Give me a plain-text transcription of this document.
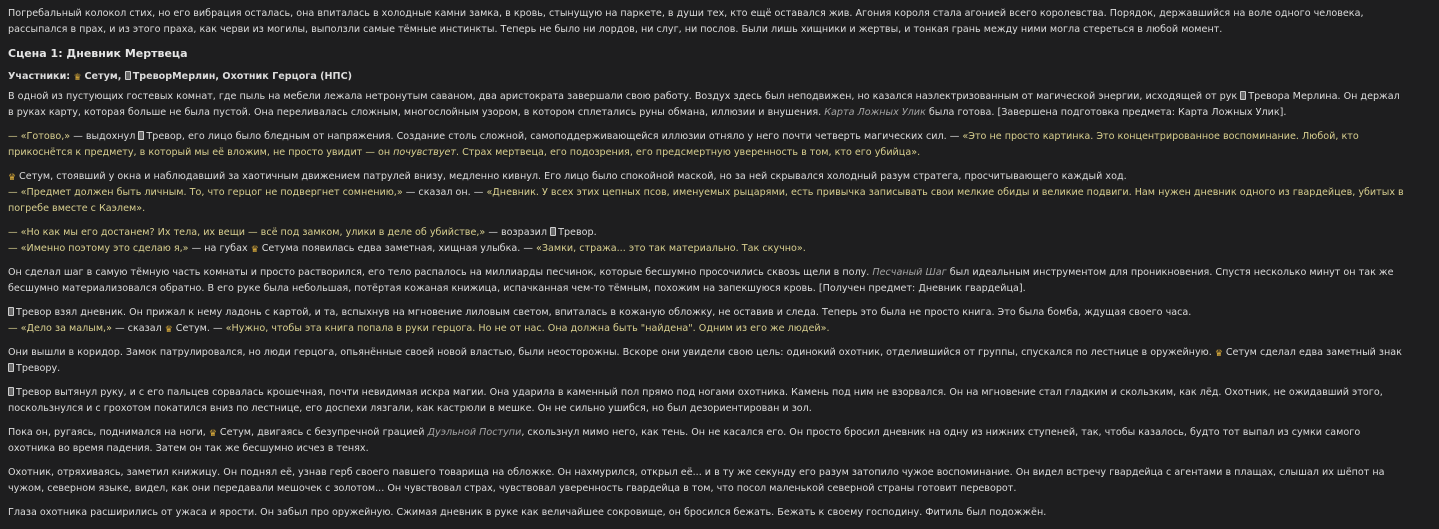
Погребальный колокол стих, но его вибрация осталась, она впиталась в холодные камни замка, в кровь, стынущую на паркете, в души тех, кто ещё оставался жив. Агония короля стала агонией всего королевства. Порядок, державшийся на воле одного человека, рассыпался в прах, и из этого праха, как черви из могилы, выползли самые тёмные инстинкты. Теперь не было ни лордов, ни слуг, ни послов. Были лишь хищники и жертвы, и тонкая грань между ними могла стереться в любой момент.

Сцена 1: Дневник Мертвеца

Участники: ♛ Сетум, ТреворМерлин, Охотник Герцога (НПС)

В одной из пустующих гостевых комнат, где пыль на мебели лежала нетронутым саваном, два аристократа завершали свою работу. Воздух здесь был неподвижен, но казался наэлектризованным от магической энергии, исходящей от рук Тревора Мерлина. Он держал в руках карту, которая больше не была пустой. Она переливалась сложным, многослойным узором, в котором сплетались руны обмана, иллюзии и внушения. Карта Ложных Улик была готова. [Завершена подготовка предмета: Карта Ложных Улик].

— «Готово,» — выдохнул Тревор, его лицо было бледным от напряжения. Создание столь сложной, самоподдерживающейся иллюзии отняло у него почти четверть магических сил. — «Это не просто картинка. Это концентрированное воспоминание. Любой, кто прикоснётся к предмету, в который мы её вложим, не просто увидит — он почувствует. Страх мертвеца, его подозрения, его предсмертную уверенность в том, кто его убийца».

♛ Сетум, стоявший у окна и наблюдавший за хаотичным движением патрулей внизу, медленно кивнул. Его лицо было спокойной маской, но за ней скрывался холодный разум стратега, просчитывающего каждый ход.
— «Предмет должен быть личным. То, что герцог не подвергнет сомнению,» — сказал он. — «Дневник. У всех этих цепных псов, именуемых рыцарями, есть привычка записывать свои мелкие обиды и великие подвиги. Нам нужен дневник одного из гвардейцев, убитых в погребе вместе с Каэлем».

— «Но как мы его достанем? Их тела, их вещи — всё под замком, улики в деле об убийстве,» — возразил Тревор.
— «Именно поэтому это сделаю я,» — на губах ♛ Сетума появилась едва заметная, хищная улыбка. — «Замки, стража... это так материально. Так скучно».

Он сделал шаг в самую тёмную часть комнаты и просто растворился, его тело распалось на миллиарды песчинок, которые бесшумно просочились сквозь щели в полу. Песчаный Шаг был идеальным инструментом для проникновения. Спустя несколько минут он так же бесшумно материализовался обратно. В его руке была небольшая, потёртая кожаная книжица, испачканная чем-то тёмным, похожим на запекшуюся кровь. [Получен предмет: Дневник гвардейца].

Тревор взял дневник. Он прижал к нему ладонь с картой, и та, вспыхнув на мгновение лиловым светом, впиталась в кожаную обложку, не оставив и следа. Теперь это была не просто книга. Это была бомба, ждущая своего часа.
— «Дело за малым,» — сказал ♛ Сетум. — «Нужно, чтобы эта книга попала в руки герцога. Но не от нас. Она должна быть "найдена". Одним из его же людей».

Они вышли в коридор. Замок патрулировался, но люди герцога, опьянённые своей новой властью, были неосторожны. Вскоре они увидели свою цель: одинокий охотник, отделившийся от группы, спускался по лестнице в оружейную. ♛ Сетум сделал едва заметный знак Тревору.

Тревор вытянул руку, и с его пальцев сорвалась крошечная, почти невидимая искра магии. Она ударила в каменный пол прямо под ногами охотника. Камень под ним не взорвался. Он на мгновение стал гладким и скользким, как лёд. Охотник, не ожидавший этого, поскользнулся и с грохотом покатился вниз по лестнице, его доспехи лязгали, как кастрюли в мешке. Он не сильно ушибся, но был дезориентирован и зол.

Пока он, ругаясь, поднимался на ноги, ♛ Сетум, двигаясь с безупречной грацией Дуэльной Поступи, скользнул мимо него, как тень. Он не касался его. Он просто бросил дневник на одну из нижних ступеней, так, чтобы казалось, будто тот выпал из сумки самого охотника во время падения. Затем он так же бесшумно исчез в тенях.

Охотник, отряхиваясь, заметил книжицу. Он поднял её, узнав герб своего павшего товарища на обложке. Он нахмурился, открыл её... и в ту же секунду его разум затопило чужое воспоминание. Он видел встречу гвардейца с агентами в плащах, слышал их шёпот на чужом, северном языке, видел, как они передавали мешочек с золотом... Он чувствовал страх, чувствовал уверенность гвардейца в том, что посол маленькой северной страны готовит переворот.

Глаза охотника расширились от ужаса и ярости. Он забыл про оружейную. Сжимая дневник в руке как величайшее сокровище, он бросился бежать. Бежать к своему господину. Фитиль был подожжён.
